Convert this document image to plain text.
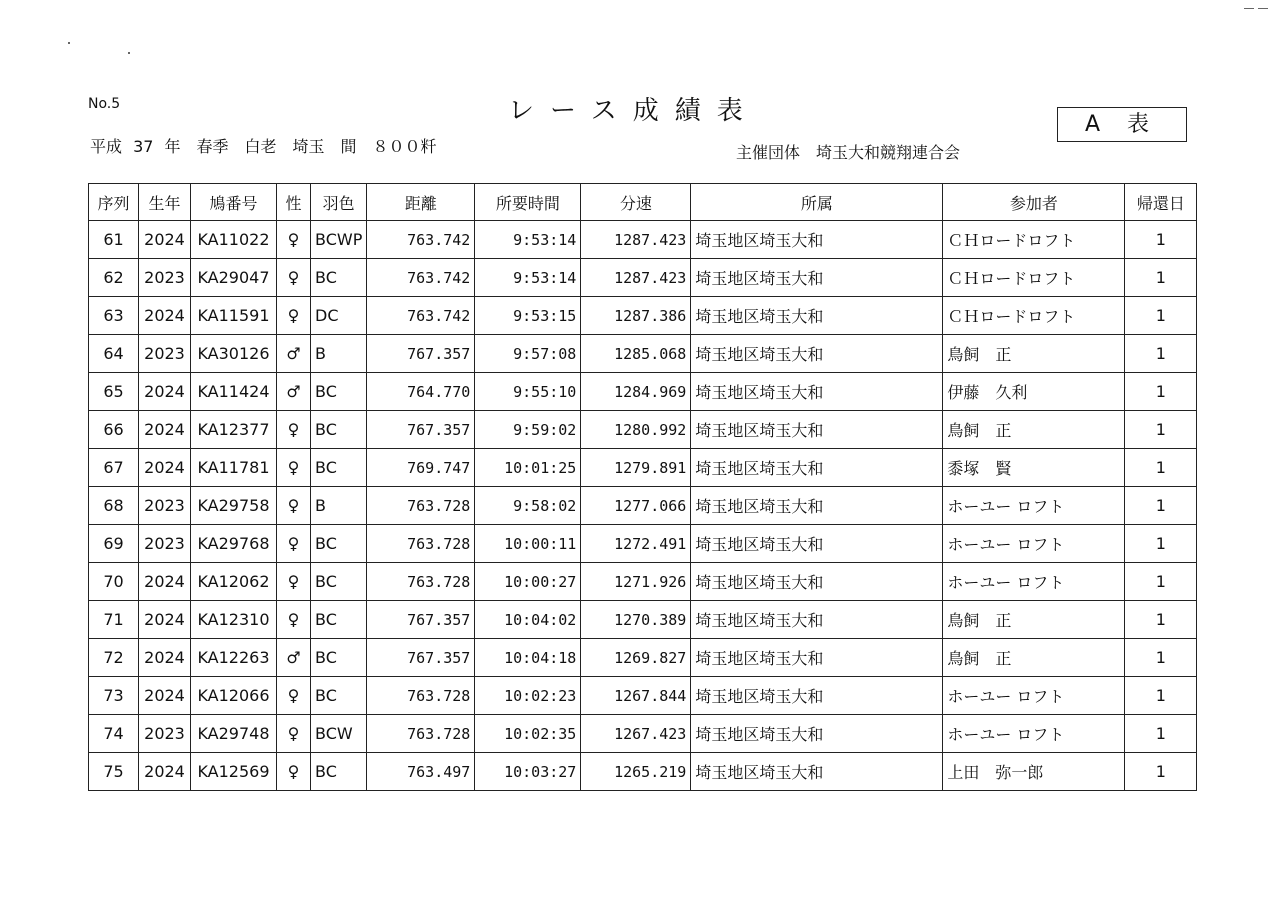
No.5	レース成績表	A 表
平成 37 年　春季　白老　埼玉　間　８００粁	主催団体　埼玉大和競翔連合会
序列	生年	鳩番号	性	羽色	距離	所要時間	分速	所属	参加者	帰還日
61	2024	KA11022	♀	BCWP	763.742	9:53:14	1287.423	埼玉地区埼玉大和	ＣＨロードロフト	1
62	2023	KA29047	♀	BC	763.742	9:53:14	1287.423	埼玉地区埼玉大和	ＣＨロードロフト	1
63	2024	KA11591	♀	DC	763.742	9:53:15	1287.386	埼玉地区埼玉大和	ＣＨロードロフト	1
64	2023	KA30126	♂	B	767.357	9:57:08	1285.068	埼玉地区埼玉大和	鳥飼　正	1
65	2024	KA11424	♂	BC	764.770	9:55:10	1284.969	埼玉地区埼玉大和	伊藤　久利	1
66	2024	KA12377	♀	BC	767.357	9:59:02	1280.992	埼玉地区埼玉大和	鳥飼　正	1
67	2024	KA11781	♀	BC	769.747	10:01:25	1279.891	埼玉地区埼玉大和	黍塚　賢	1
68	2023	KA29758	♀	B	763.728	9:58:02	1277.066	埼玉地区埼玉大和	ホーユー ロフト	1
69	2023	KA29768	♀	BC	763.728	10:00:11	1272.491	埼玉地区埼玉大和	ホーユー ロフト	1
70	2024	KA12062	♀	BC	763.728	10:00:27	1271.926	埼玉地区埼玉大和	ホーユー ロフト	1
71	2024	KA12310	♀	BC	767.357	10:04:02	1270.389	埼玉地区埼玉大和	鳥飼　正	1
72	2024	KA12263	♂	BC	767.357	10:04:18	1269.827	埼玉地区埼玉大和	鳥飼　正	1
73	2024	KA12066	♀	BC	763.728	10:02:23	1267.844	埼玉地区埼玉大和	ホーユー ロフト	1
74	2023	KA29748	♀	BCW	763.728	10:02:35	1267.423	埼玉地区埼玉大和	ホーユー ロフト	1
75	2024	KA12569	♀	BC	763.497	10:03:27	1265.219	埼玉地区埼玉大和	上田　弥一郎	1
